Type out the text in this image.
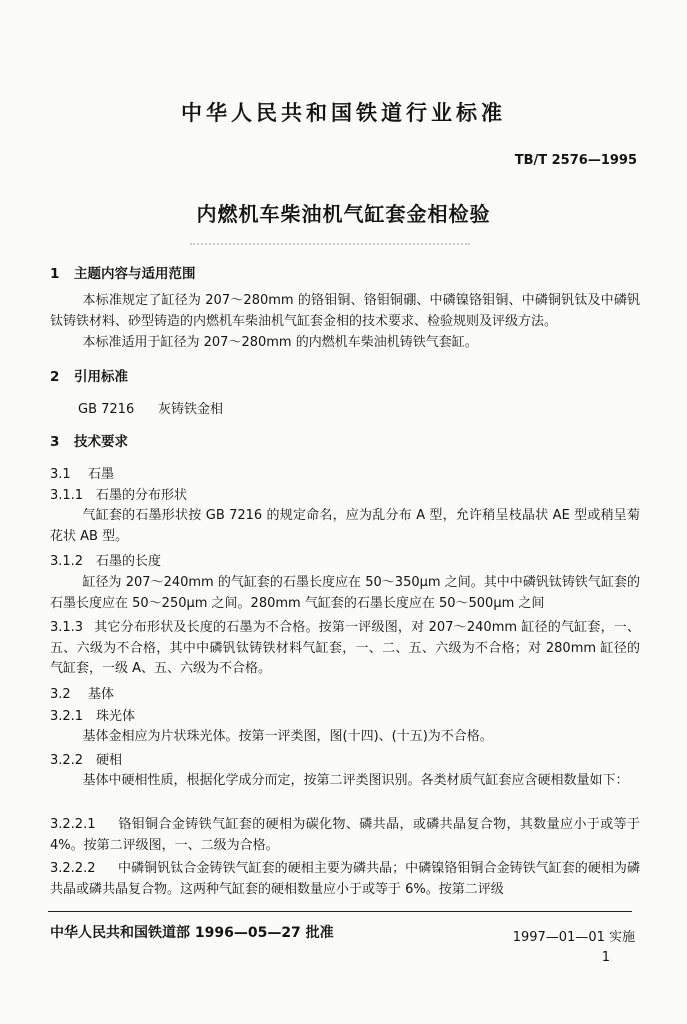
中华人民共和国铁道行业标准
TB/T 2576—1995
内燃机车柴油机气缸套金相检验
1 主题内容与适用范围
本标准规定了缸径为 207～280mm 的铬钼铜、铬钼铜硼、中磷镍铬钼铜、中磷铜钒钛及中磷钒钛铸铁材料、砂型铸造的内燃机车柴油机气缸套金相的技术要求、检验规则及评级方法。
本标准适用于缸径为 207～280mm 的内燃机车柴油机铸铁气套缸。
2 引用标准
GB 7216 灰铸铁金相
3 技术要求
3.1 石墨
3.1.1 石墨的分布形状
气缸套的石墨形状按 GB 7216 的规定命名，应为乱分布 A 型，允许稍呈枝晶状 AE 型或稍呈菊花状 AB 型。
3.1.2 石墨的长度
缸径为 207～240mm 的气缸套的石墨长度应在 50～350μm 之间。其中中磷钒钛铸铁气缸套的石墨长度应在 50～250μm 之间。280mm 气缸套的石墨长度应在 50～500μm 之间
3.1.3 其它分布形状及长度的石墨为不合格。按第一评级图，对 207～240mm 缸径的气缸套，一、五、六级为不合格，其中中磷钒钛铸铁材料气缸套，一、二、五、六级为不合格；对 280mm 缸径的气缸套，一级 A、五、六级为不合格。
3.2 基体
3.2.1 珠光体
基体金相应为片状珠光体。按第一评类图，图(十四)、(十五)为不合格。
3.2.2 硬相
基体中硬相性质，根据化学成分而定，按第二评类图识别。各类材质气缸套应含硬相数量如下：
3.2.2.1 铬钼铜合金铸铁气缸套的硬相为碳化物、磷共晶，或磷共晶复合物，其数量应小于或等于 4%。按第二评级图，一、二级为合格。
3.2.2.2 中磷铜钒钛合金铸铁气缸套的硬相主要为磷共晶；中磷镍铬钼铜合金铸铁气缸套的硬相为磷共晶或磷共晶复合物。这两种气缸套的硬相数量应小于或等于 6%。按第二评级
中华人民共和国铁道部 1996—05—27 批准	1997—01—01 实施
1
